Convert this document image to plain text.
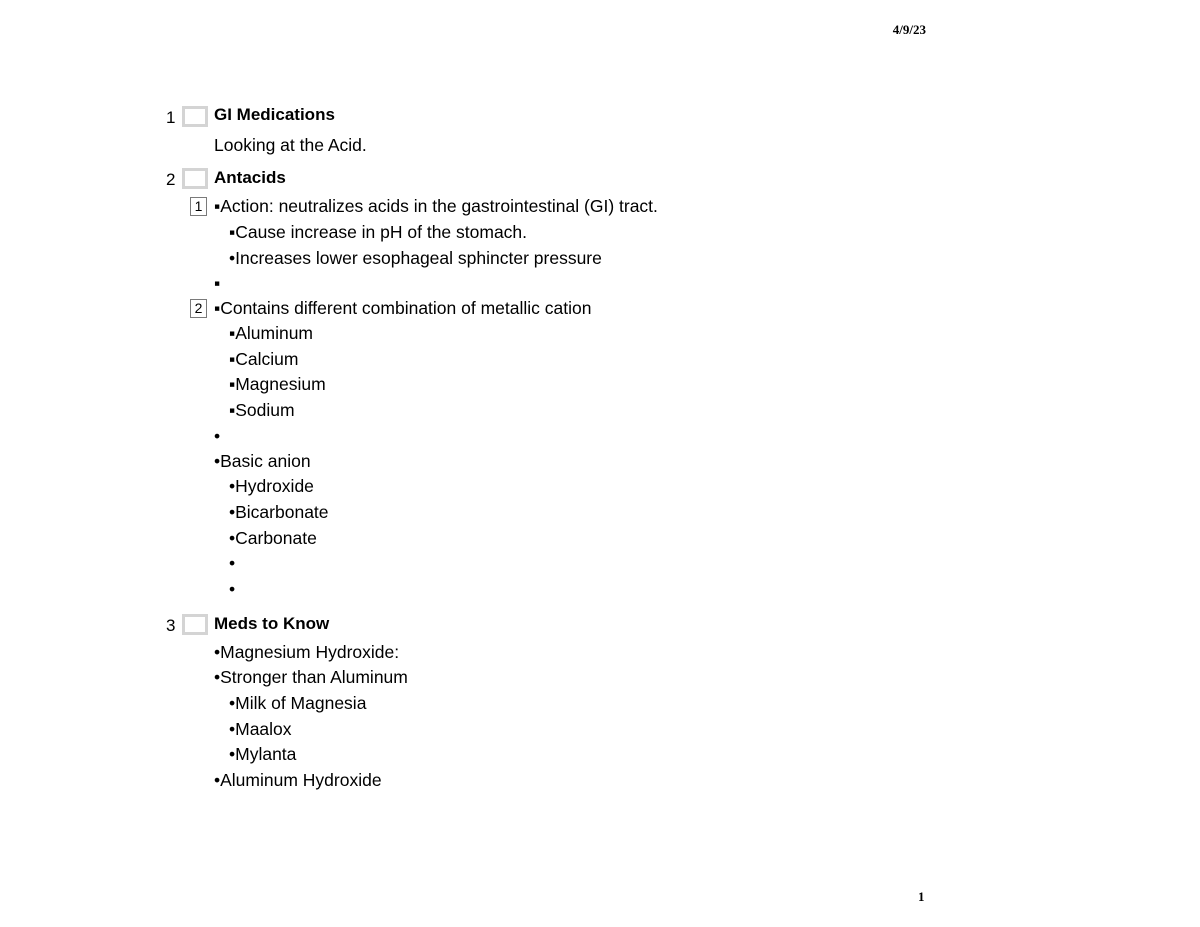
4/9/23
1 GI Medications
Looking at the Acid.
2 Antacids
1 ▪Action: neutralizes acids in the gastrointestinal (GI) tract.
▪Cause increase in pH of the stomach.
•Increases lower esophageal sphincter pressure
▪
2 ▪Contains different combination of metallic cation
▪Aluminum
▪Calcium
▪Magnesium
▪Sodium
•
•Basic anion
•Hydroxide
•Bicarbonate
•Carbonate
•
•
3 Meds to Know
•Magnesium Hydroxide:
•Stronger than Aluminum
•Milk of Magnesia
•Maalox
•Mylanta
•Aluminum Hydroxide
1
